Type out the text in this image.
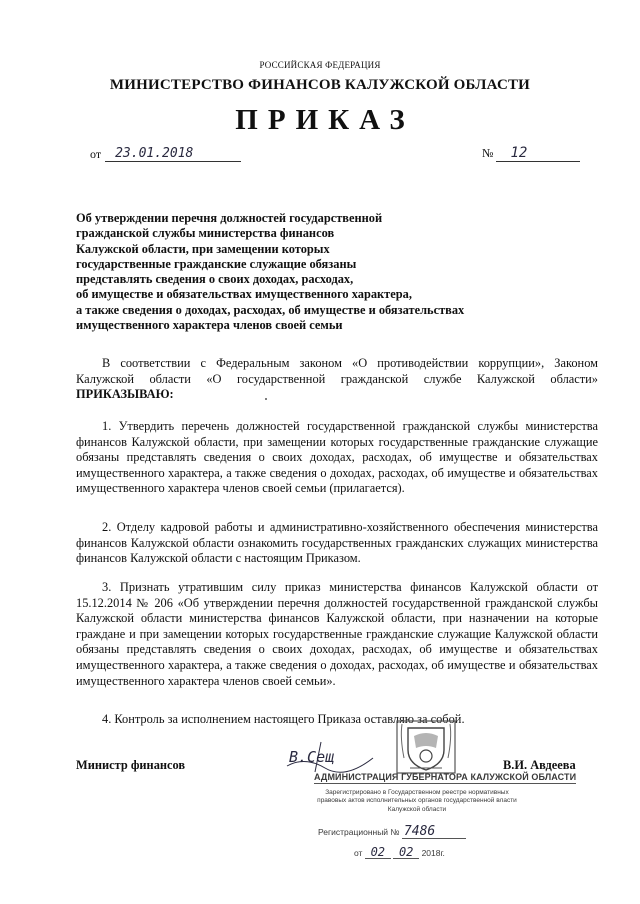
РОССИЙСКАЯ ФЕДЕРАЦИЯ
МИНИСТЕРСТВО ФИНАНСОВ КАЛУЖСКОЙ ОБЛАСТИ
ПРИКАЗ
от 23.01.2018	№ 12
Об утверждении перечня должностей государственной
гражданской службы министерства финансов
Калужской области, при замещении которых
государственные гражданские служащие обязаны
представлять сведения о своих доходах, расходах,
об имуществе и обязательствах имущественного характера,
а также сведения о доходах, расходах, об имуществе и обязательствах
имущественного характера членов своей семьи
В соответствии с Федеральным законом «О противодействии коррупции», Законом Калужской области «О государственной гражданской службе Калужской области» ПРИКАЗЫВАЮ:
1. Утвердить перечень должностей государственной гражданской службы министерства финансов Калужской области, при замещении которых государственные гражданские служащие обязаны представлять сведения о своих доходах, расходах, об имуществе и обязательствах имущественного характера, а также сведения о доходах, расходах, об имуществе и обязательствах имущественного характера членов своей семьи (прилагается).
2. Отделу кадровой работы и административно-хозяйственного обеспечения министерства финансов Калужской области ознакомить государственных гражданских служащих министерства финансов Калужской области с настоящим Приказом.
3. Признать утратившим силу приказ министерства финансов Калужской области от 15.12.2014 № 206 «Об утверждении перечня должностей государственной гражданской службы Калужской области министерства финансов Калужской области, при назначении на которые граждане и при замещении которых государственные гражданские служащие Калужской области обязаны представлять сведения о своих доходах, расходах, об имуществе и обязательствах имущественного характера, а также сведения о доходах, расходах, об имуществе и обязательствах имущественного характера членов своей семьи».
4. Контроль за исполнением настоящего Приказа оставляю за собой.
Министр финансов	В.Сещ	В.И. Авдеева
АДМИНИСТРАЦИЯ ГУБЕРНАТОРА КАЛУЖСКОЙ ОБЛАСТИ
Зарегистрировано в Государственном реестре нормативных
правовых актов исполнительных органов государственной власти
Калужской области
Регистрационный № 7486
от 02 02 2018г.
